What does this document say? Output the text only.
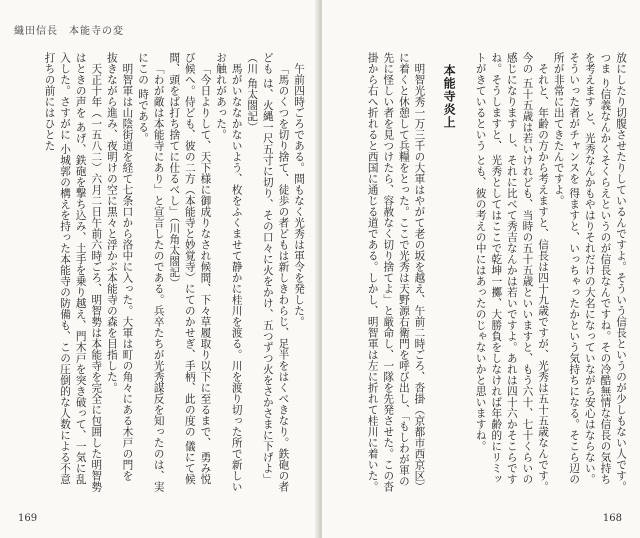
織田信長　本能寺の変

午前四時ごろである。間もなく光秀は軍令を発した。

「馬のくつを切り捨て、徒歩の者どもは新しきわらじ、足半をはくべきなり。鉄砲の者ども は、火縄一尺五寸に切り、その口々に火をかけ、五つずつ火をさかさまに下げよ」（川 角太閤記）

馬がいななかないよう、枚をふくませて静かに桂川を渡る。川を渡り切った所で新しい お触れがあった。

「今日よりして、天下様に御成りなされ候間、下々草履取り以下に至るまで、 勇み悦び候へ。侍ども、彼の二方（本能寺と妙覚寺）にてのかせぎ、手柄、此の度の 儀にて候間、頭をば打ち捨てに仕るべし」（川角太閤記）

「わが敵は本能寺にあり」と宣言したのである。兵卒たちが光秀謀反を知ったのは、実にこの 時である。

明智軍は山陰街道を経て七条口から洛中に入った。大軍は町の角々にある木戸の門を 抜きながら進み、夜明けの空に黒々と浮かぶ本能寺の森を目指した。

天正十年（一五八二）六月二日午前六時ごろ、明智勢は本能寺を完全に包囲した明智勢はときの声を あげ、鉄砲を撃ち込み、土手を乗り越え、門木戸を突き破って、一気に乱入した。さすがに 小城郭の構えを持った本能寺の防備も、この圧倒的な人数による不意打ちの前にはひとた

169

放にしたり切腹させたりしているんですよ。そういう信長というのが少しもない人です。つま り信義なんかくそくらえというのが信長なんですね。その冷酷無情な信長の気持ちを考えます と、光秀なんかもやはりそれだけの大名になっていながら安心はならない。そういった者がチャンスを 得ますと、いっちゃったかという気持ちになる。そこら辺の所が非常に出てきたんですよ。

それと、年齢の方から考えますと、信長は四十九歳ですが、光秀は五十五歳なんです。今の 五十五歳は若いけれども、当時の五十五歳といいますと、もう六十、七十くらいの感じになります し、それに比べて秀吉なんかは若いですよ。あれは四十六かそこらですね。そうしますと、 光秀としてはここで乾坤一擲、大勝負をしなければ年齢的にリミットがきているという とも、彼の考えの中にはあったのじゃないかと思いますね。

本能寺炎上

明智光秀一万三千の大軍はやがて老の坂を越え、午前二時ごろ、沓掛（京都市西京区）に着くと休憩して兵糧をとった。ここで光秀は天野源右衛門を呼び出し、「もしわが軍の 先に怪しい者を見つけたら、容赦なく切り捨てよ」と厳命し、一隊を先発させた。この沓 掛から右へ折れると西国に通じる道である。しかし、明智軍は左に折れて桂川に着いた。

168
